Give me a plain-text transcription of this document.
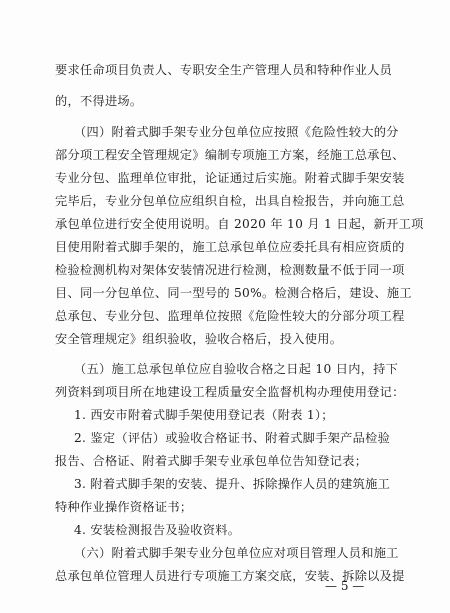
要求任命项目负责人、专职安全生产管理人员和特种作业人员
的，不得进场。
（四）附着式脚手架专业分包单位应按照《危险性较大的分
部分项工程安全管理规定》编制专项施工方案，经施工总承包、
专业分包、监理单位审批，论证通过后实施。附着式脚手架安装
完毕后，专业分包单位应组织自检，出具自检报告，并向施工总
承包单位进行安全使用说明。自 2020 年 10 月 1 日起，新开工项
目使用附着式脚手架的，施工总承包单位应委托具有相应资质的
检验检测机构对架体安装情况进行检测，检测数量不低于同一项
目、同一分包单位、同一型号的 50%。检测合格后，建设、施工
总承包、专业分包、监理单位按照《危险性较大的分部分项工程
安全管理规定》组织验收，验收合格后，投入使用。
（五）施工总承包单位应自验收合格之日起 10 日内，持下
列资料到项目所在地建设工程质量安全监督机构办理使用登记：
1. 西安市附着式脚手架使用登记表（附表 1）；
2. 鉴定（评估）或验收合格证书、附着式脚手架产品检验
报告、合格证、附着式脚手架专业承包单位告知登记表；
3. 附着式脚手架的安装、提升、拆除操作人员的建筑施工
特种作业操作资格证书；
4. 安装检测报告及验收资料。
（六）附着式脚手架专业分包单位应对项目管理人员和施工
总承包单位管理人员进行专项施工方案交底，安装、拆除以及提
— 5 —
